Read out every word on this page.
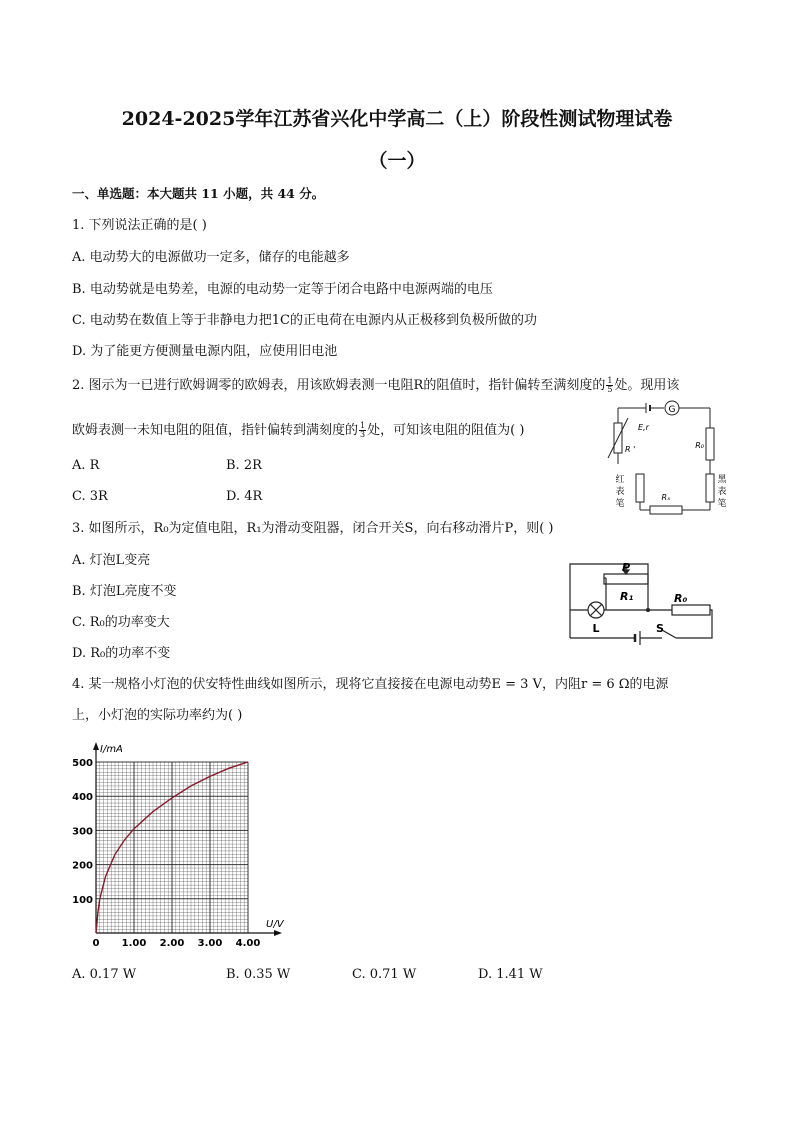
2024-2025学年江苏省兴化中学高二（上）阶段性测试物理试卷
（一）
一、单选题：本大题共 11 小题，共 44 分。
1. 下列说法正确的是( )
A. 电动势大的电源做功一定多，储存的电能越多
B. 电动势就是电势差，电源的电动势一定等于闭合电路中电源两端的电压
C. 电动势在数值上等于非静电力把1C的正电荷在电源内从正极移到负极所做的功
D. 为了能更方便测量电源内阻，应使用旧电池
2. 图示为一已进行欧姆调零的欧姆表，用该欧姆表测一电阻R的阻值时，指针偏转至满刻度的 $\frac{1}{5}$ 处。现用该
欧姆表测一未知电阻的阻值，指针偏转到满刻度的 $\frac{1}{3}$ 处，可知该电阻的阻值为( )
A. R	B. 2R
C. 3R	D. 4R
G
E,r
R '	R₀
Rₓ
红
表
笔
黑
表
笔
3. 如图所示，R₀为定值电阻，R₁为滑动变阻器，闭合开关S，向右移动滑片P，则( )
A. 灯泡L变亮
B. 灯泡L亮度不变
C. R₀的功率变大
D. R₀的功率不变
P
R₁	R₀
L	S
4. 某一规格小灯泡的伏安特性曲线如图所示，现将它直接接在电源电动势E = 3 V，内阻r = 6 Ω的电源
上，小灯泡的实际功率约为( )
1.00 2.00 3.00 4.00
100
200
300
400
500
0
I/mA
U/V
A. 0.17 W	B. 0.35 W	C. 0.71 W	D. 1.41 W
